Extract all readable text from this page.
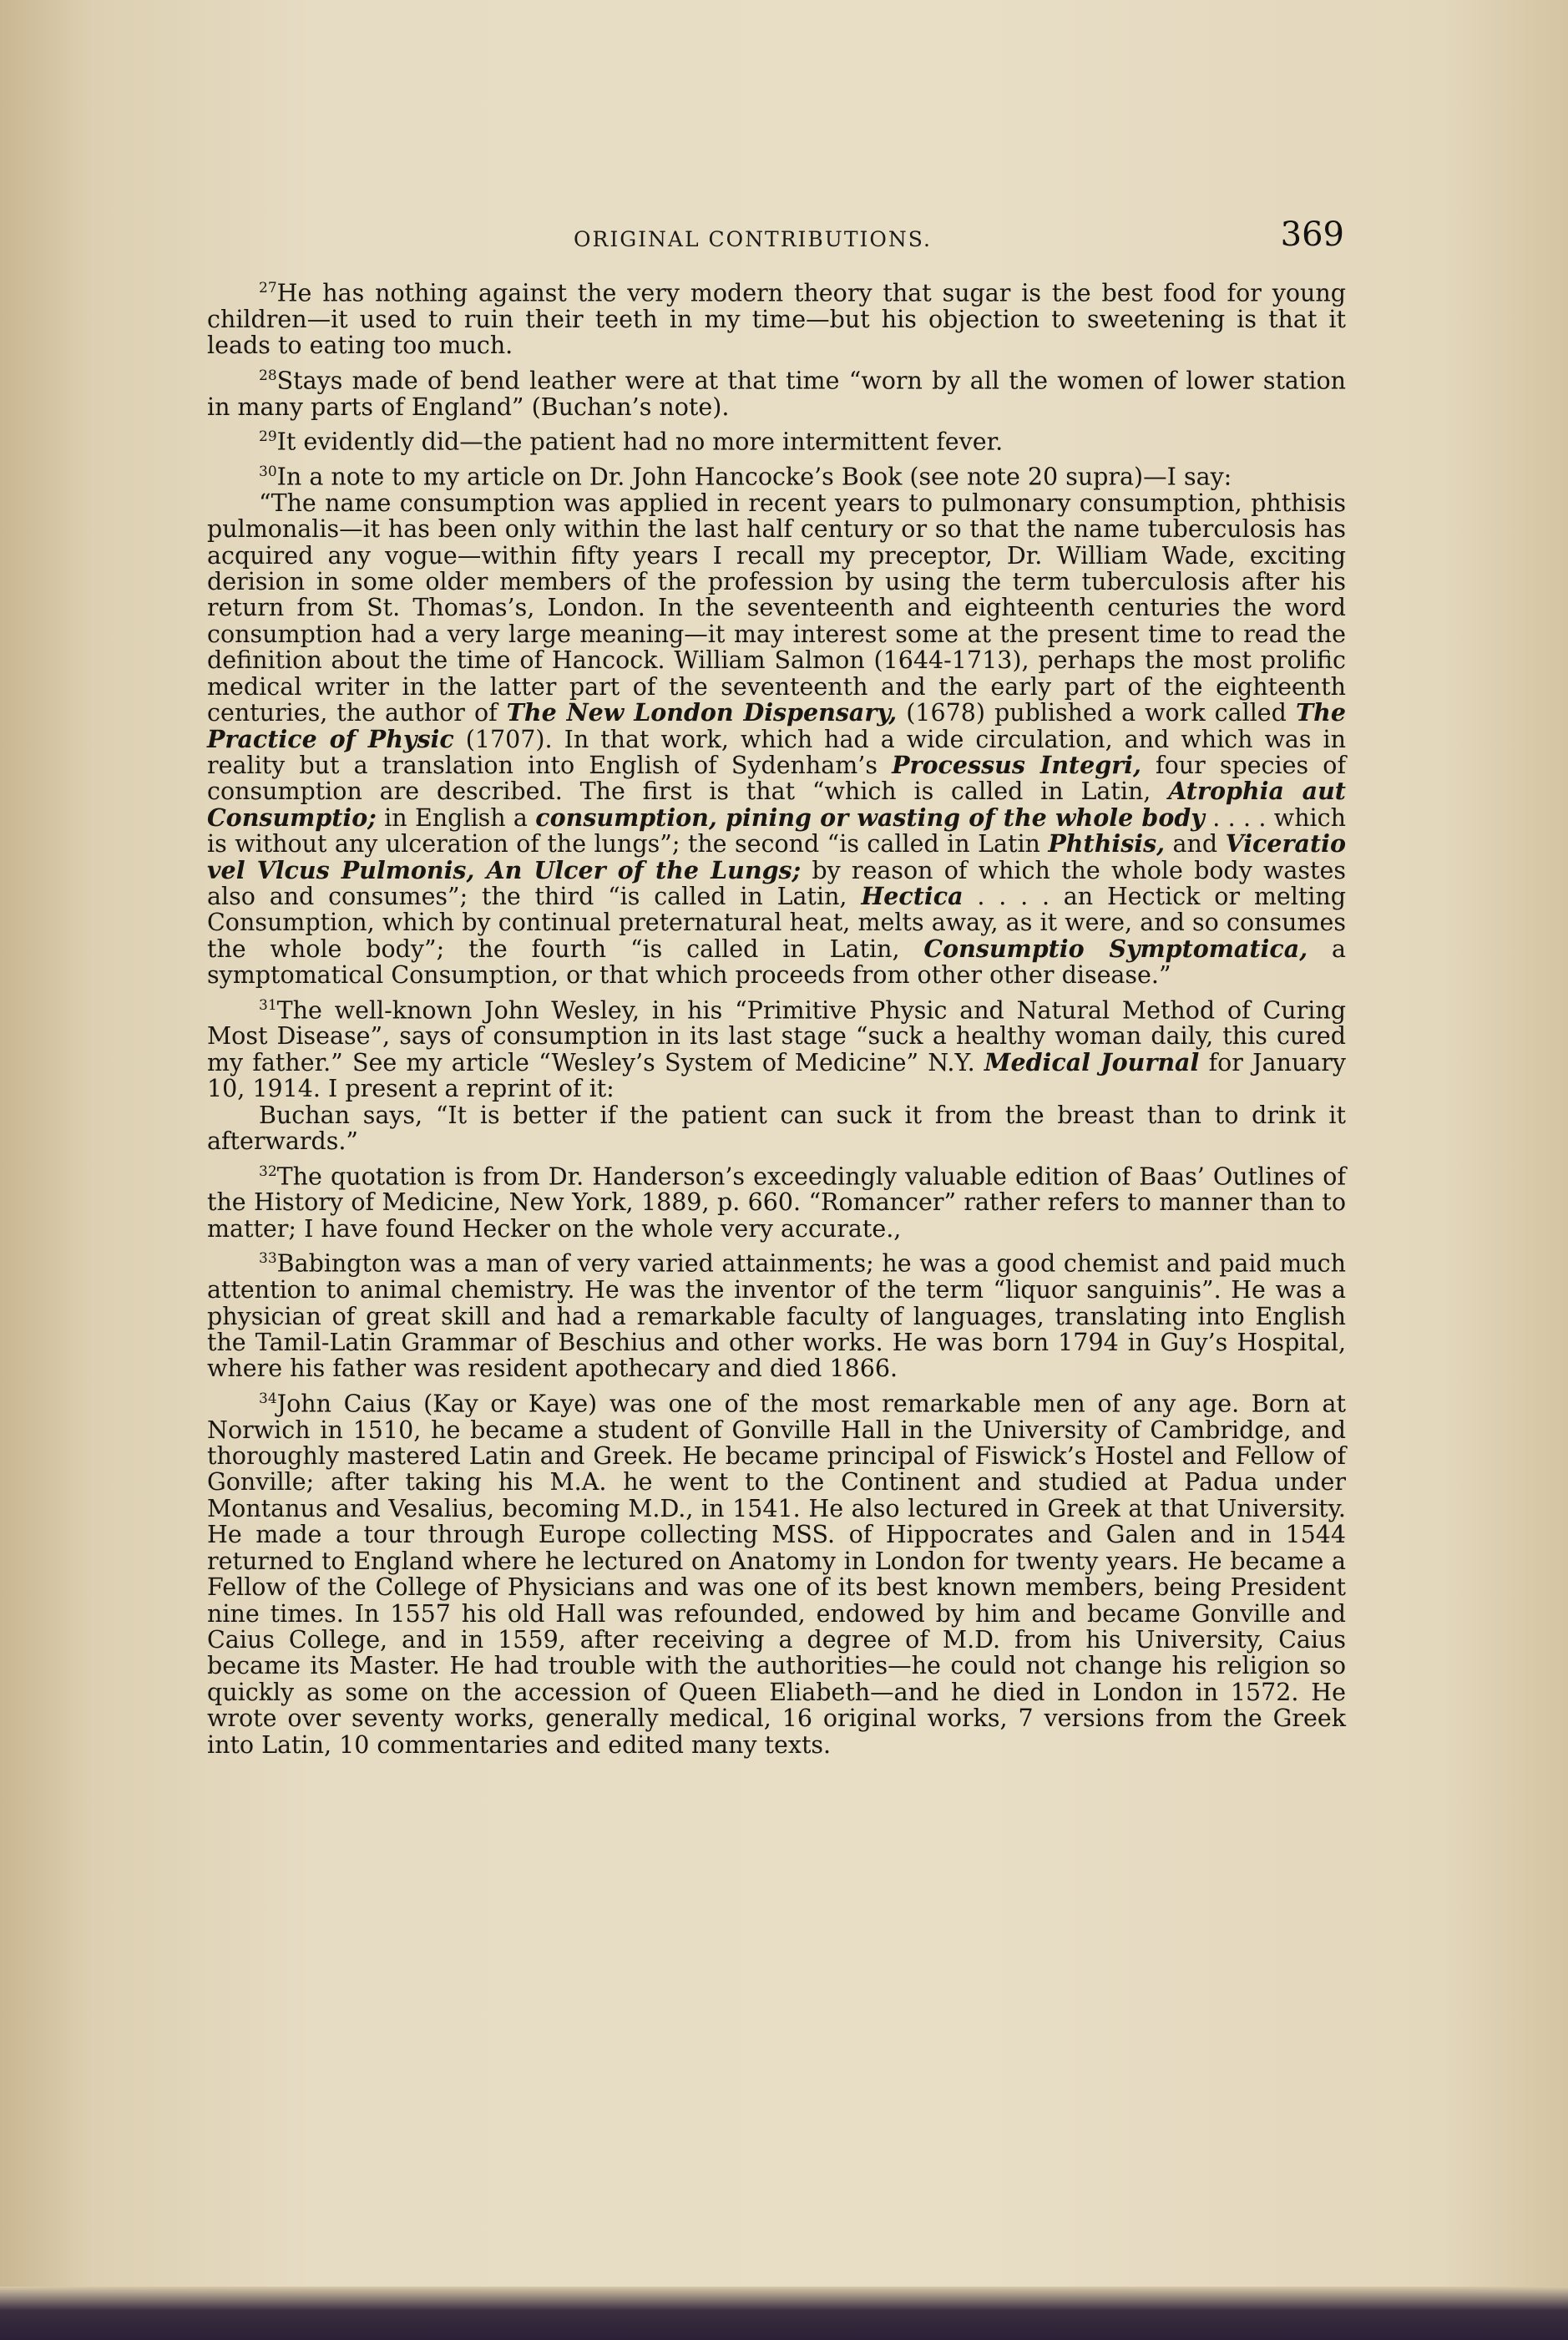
ORIGINAL CONTRIBUTIONS.	369

$^{27}$He has nothing against the very modern theory that sugar is the best food for young children—it used to ruin their teeth in my time—but his objection to sweetening is that it leads to eating too much.

$^{28}$Stays made of bend leather were at that time “worn by all the women of lower station in many parts of England” (Buchan’s note).

$^{29}$It evidently did—the patient had no more intermittent fever.

$^{30}$In a note to my article on Dr. John Hancocke’s Book (see note 20 supra)—I say:

“The name consumption was applied in recent years to pulmonary consumption, phthisis pulmonalis—it has been only within the last half century or so that the name tuberculosis has acquired any vogue—within fifty years I recall my preceptor, Dr. William Wade, exciting derision in some older members of the profession by using the term tuberculosis after his return from St. Thomas’s, London. In the seventeenth and eighteenth centuries the word consumption had a very large meaning—it may interest some at the present time to read the definition about the time of Hancock. William Salmon (1644-1713), perhaps the most prolific medical writer in the latter part of the seventeenth and the early part of the eighteenth centuries, the author of The New London Dispensary, (1678) published a work called The Practice of Physic (1707). In that work, which had a wide circulation, and which was in reality but a translation into English of Sydenham’s Processus Integri, four species of consumption are described. The first is that “which is called in Latin, Atrophia aut Consumptio; in English a consumption, pining or wasting of the whole body . . . . which is without any ulceration of the lungs”; the second “is called in Latin Phthisis, and Viceratio vel Vlcus Pulmonis, An Ulcer of the Lungs; by reason of which the whole body wastes also and consumes”; the third “is called in Latin, Hectica . . . . an Hectick or melting Consumption, which by continual preternatural heat, melts away, as it were, and so consumes the whole body”; the fourth “is called in Latin, Consumptio Symptomatica, a symptomatical Consumption, or that which proceeds from other other disease.”

$^{31}$The well-known John Wesley, in his “Primitive Physic and Natural Method of Curing Most Disease”, says of consumption in its last stage “suck a healthy woman daily, this cured my father.” See my article “Wesley’s System of Medicine” N.Y. Medical Journal for January 10, 1914. I present a reprint of it:

Buchan says, “It is better if the patient can suck it from the breast than to drink it afterwards.”

$^{32}$The quotation is from Dr. Handerson’s exceedingly valuable edition of Baas’ Outlines of the History of Medicine, New York, 1889, p. 660. “Romancer” rather refers to manner than to matter; I have found Hecker on the whole very accurate.,

$^{33}$Babington was a man of very varied attainments; he was a good chemist and paid much attention to animal chemistry. He was the inventor of the term “liquor sanguinis”. He was a physician of great skill and had a remarkable faculty of languages, translating into English the Tamil-Latin Grammar of Beschius and other works. He was born 1794 in Guy’s Hospital, where his father was resident apothecary and died 1866.

$^{34}$John Caius (Kay or Kaye) was one of the most remarkable men of any age. Born at Norwich in 1510, he became a student of Gonville Hall in the University of Cambridge, and thoroughly mastered Latin and Greek. He became principal of Fiswick’s Hostel and Fellow of Gonville; after taking his M.A. he went to the Continent and studied at Padua under Montanus and Vesalius, becoming M.D., in 1541. He also lectured in Greek at that University. He made a tour through Europe collecting MSS. of Hippocrates and Galen and in 1544 returned to England where he lectured on Anatomy in London for twenty years. He became a Fellow of the College of Physicians and was one of its best known members, being President nine times. In 1557 his old Hall was refounded, endowed by him and became Gonville and Caius College, and in 1559, after receiving a degree of M.D. from his University, Caius became its Master. He had trouble with the authorities—he could not change his religion so quickly as some on the accession of Queen Eliabeth—and he died in London in 1572. He wrote over seventy works, generally medical, 16 original works, 7 versions from the Greek into Latin, 10 commentaries and edited many texts.
